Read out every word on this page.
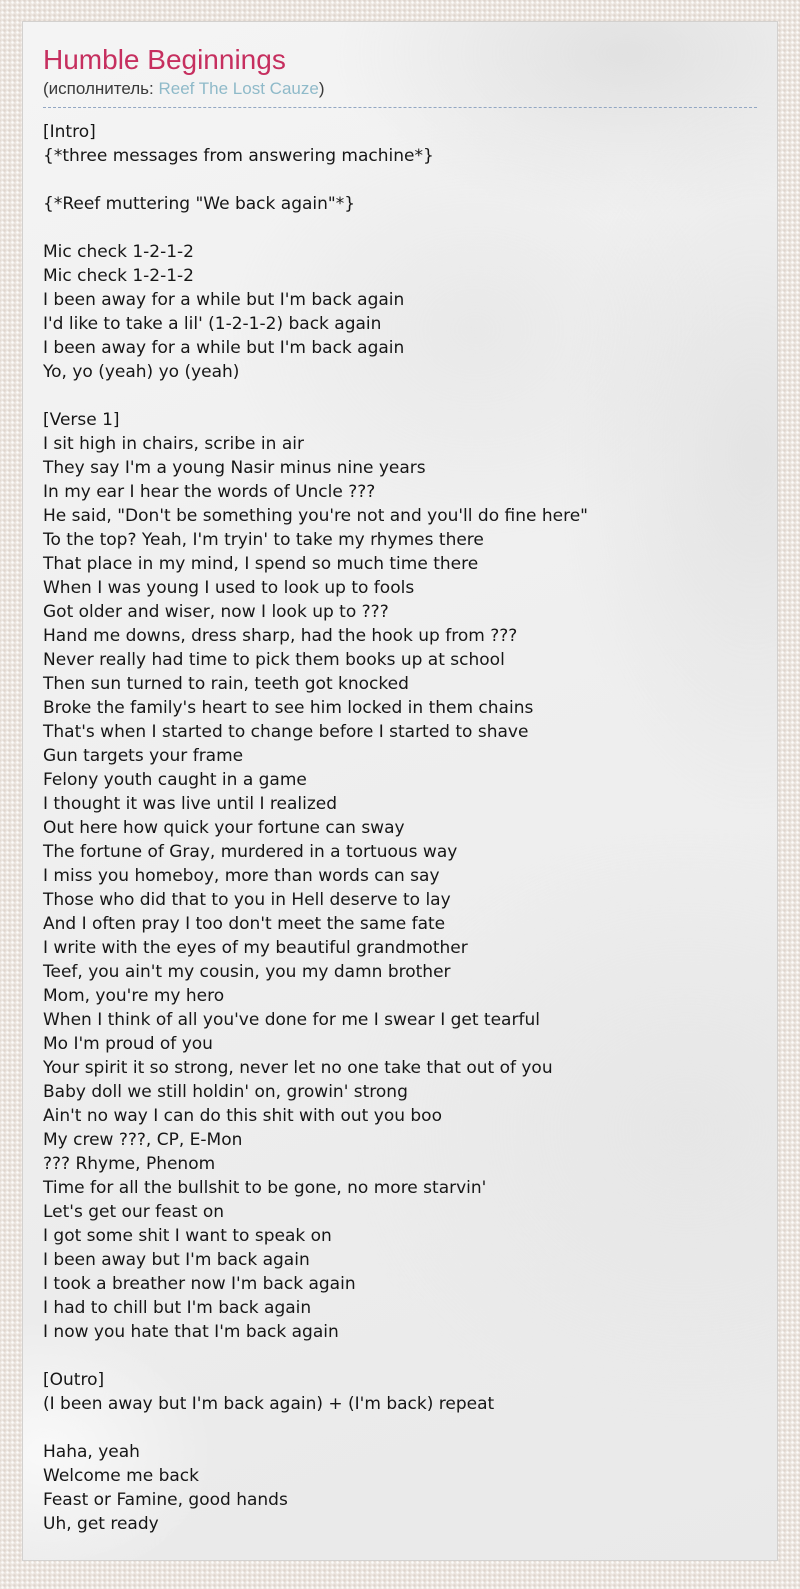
Humble Beginnings
(исполнитель: Reef The Lost Cauze)
[Intro]
{*three messages from answering machine*}

{*Reef muttering "We back again"*}

Mic check 1-2-1-2
Mic check 1-2-1-2
I been away for a while but I'm back again
I'd like to take a lil' (1-2-1-2) back again
I been away for a while but I'm back again
Yo, yo (yeah) yo (yeah)

[Verse 1]
I sit high in chairs, scribe in air
They say I'm a young Nasir minus nine years
In my ear I hear the words of Uncle ???
He said, "Don't be something you're not and you'll do fine here"
To the top? Yeah, I'm tryin' to take my rhymes there
That place in my mind, I spend so much time there
When I was young I used to look up to fools
Got older and wiser, now I look up to ???
Hand me downs, dress sharp, had the hook up from ???
Never really had time to pick them books up at school
Then sun turned to rain, teeth got knocked
Broke the family's heart to see him locked in them chains
That's when I started to change before I started to shave
Gun targets your frame
Felony youth caught in a game
I thought it was live until I realized
Out here how quick your fortune can sway
The fortune of Gray, murdered in a tortuous way
I miss you homeboy, more than words can say
Those who did that to you in Hell deserve to lay
And I often pray I too don't meet the same fate
I write with the eyes of my beautiful grandmother
Teef, you ain't my cousin, you my damn brother
Mom, you're my hero
When I think of all you've done for me I swear I get tearful
Mo I'm proud of you
Your spirit it so strong, never let no one take that out of you
Baby doll we still holdin' on, growin' strong
Ain't no way I can do this shit with out you boo
My crew ???, CP, E-Mon
??? Rhyme, Phenom
Time for all the bullshit to be gone, no more starvin'
Let's get our feast on
I got some shit I want to speak on
I been away but I'm back again
I took a breather now I'm back again
I had to chill but I'm back again
I now you hate that I'm back again

[Outro]
(I been away but I'm back again) + (I'm back) repeat

Haha, yeah
Welcome me back
Feast or Famine, good hands
Uh, get ready
